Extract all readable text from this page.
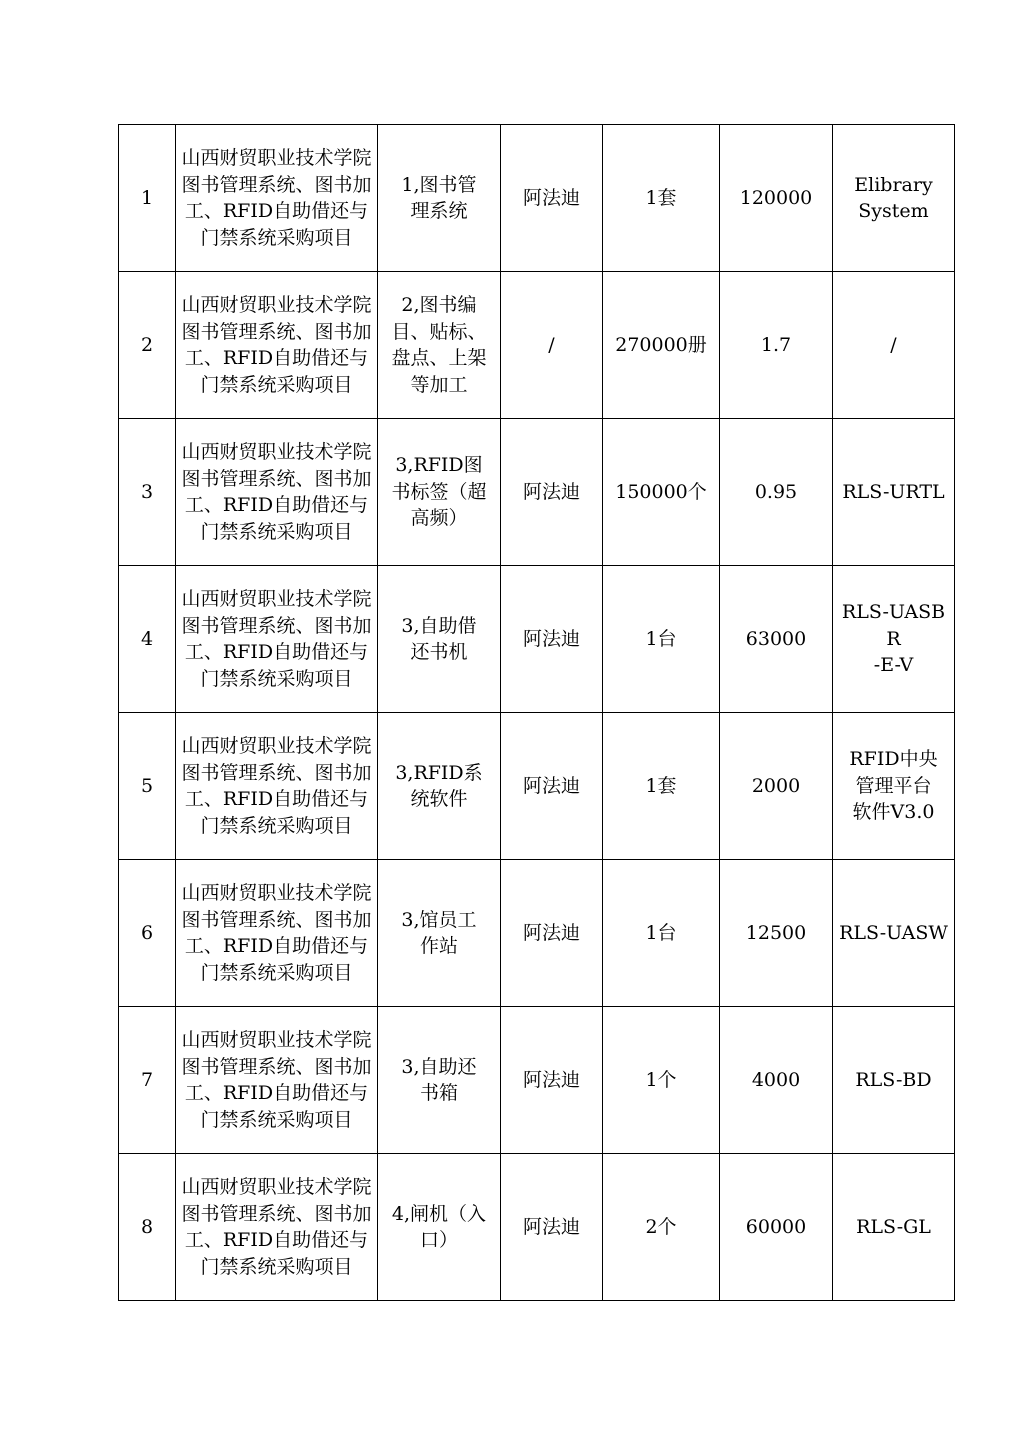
1	山西财贸职业技术学院图书管理系统、图书加工、RFID自助借还与门禁系统采购项目	1,图书管
理系统	阿法迪	1套	120000	Elibrary
System
2	山西财贸职业技术学院图书管理系统、图书加工、RFID自助借还与门禁系统采购项目	2,图书编
目、贴标、
盘点、上架
等加工	/	270000册	1.7	/
3	山西财贸职业技术学院图书管理系统、图书加工、RFID自助借还与门禁系统采购项目	3,RFID图
书标签（超
高频）	阿法迪	150000个	0.95	RLS-URTL
4	山西财贸职业技术学院图书管理系统、图书加工、RFID自助借还与门禁系统采购项目	3,自助借
还书机	阿法迪	1台	63000	RLS-UASBR
-E-V
5	山西财贸职业技术学院图书管理系统、图书加工、RFID自助借还与门禁系统采购项目	3,RFID系
统软件	阿法迪	1套	2000	RFID中央
管理平台
软件V3.0
6	山西财贸职业技术学院图书管理系统、图书加工、RFID自助借还与门禁系统采购项目	3,馆员工
作站	阿法迪	1台	12500	RLS-UASW
7	山西财贸职业技术学院图书管理系统、图书加工、RFID自助借还与门禁系统采购项目	3,自助还
书箱	阿法迪	1个	4000	RLS-BD
8	山西财贸职业技术学院图书管理系统、图书加工、RFID自助借还与门禁系统采购项目	4,闸机（入
口）	阿法迪	2个	60000	RLS-GL
